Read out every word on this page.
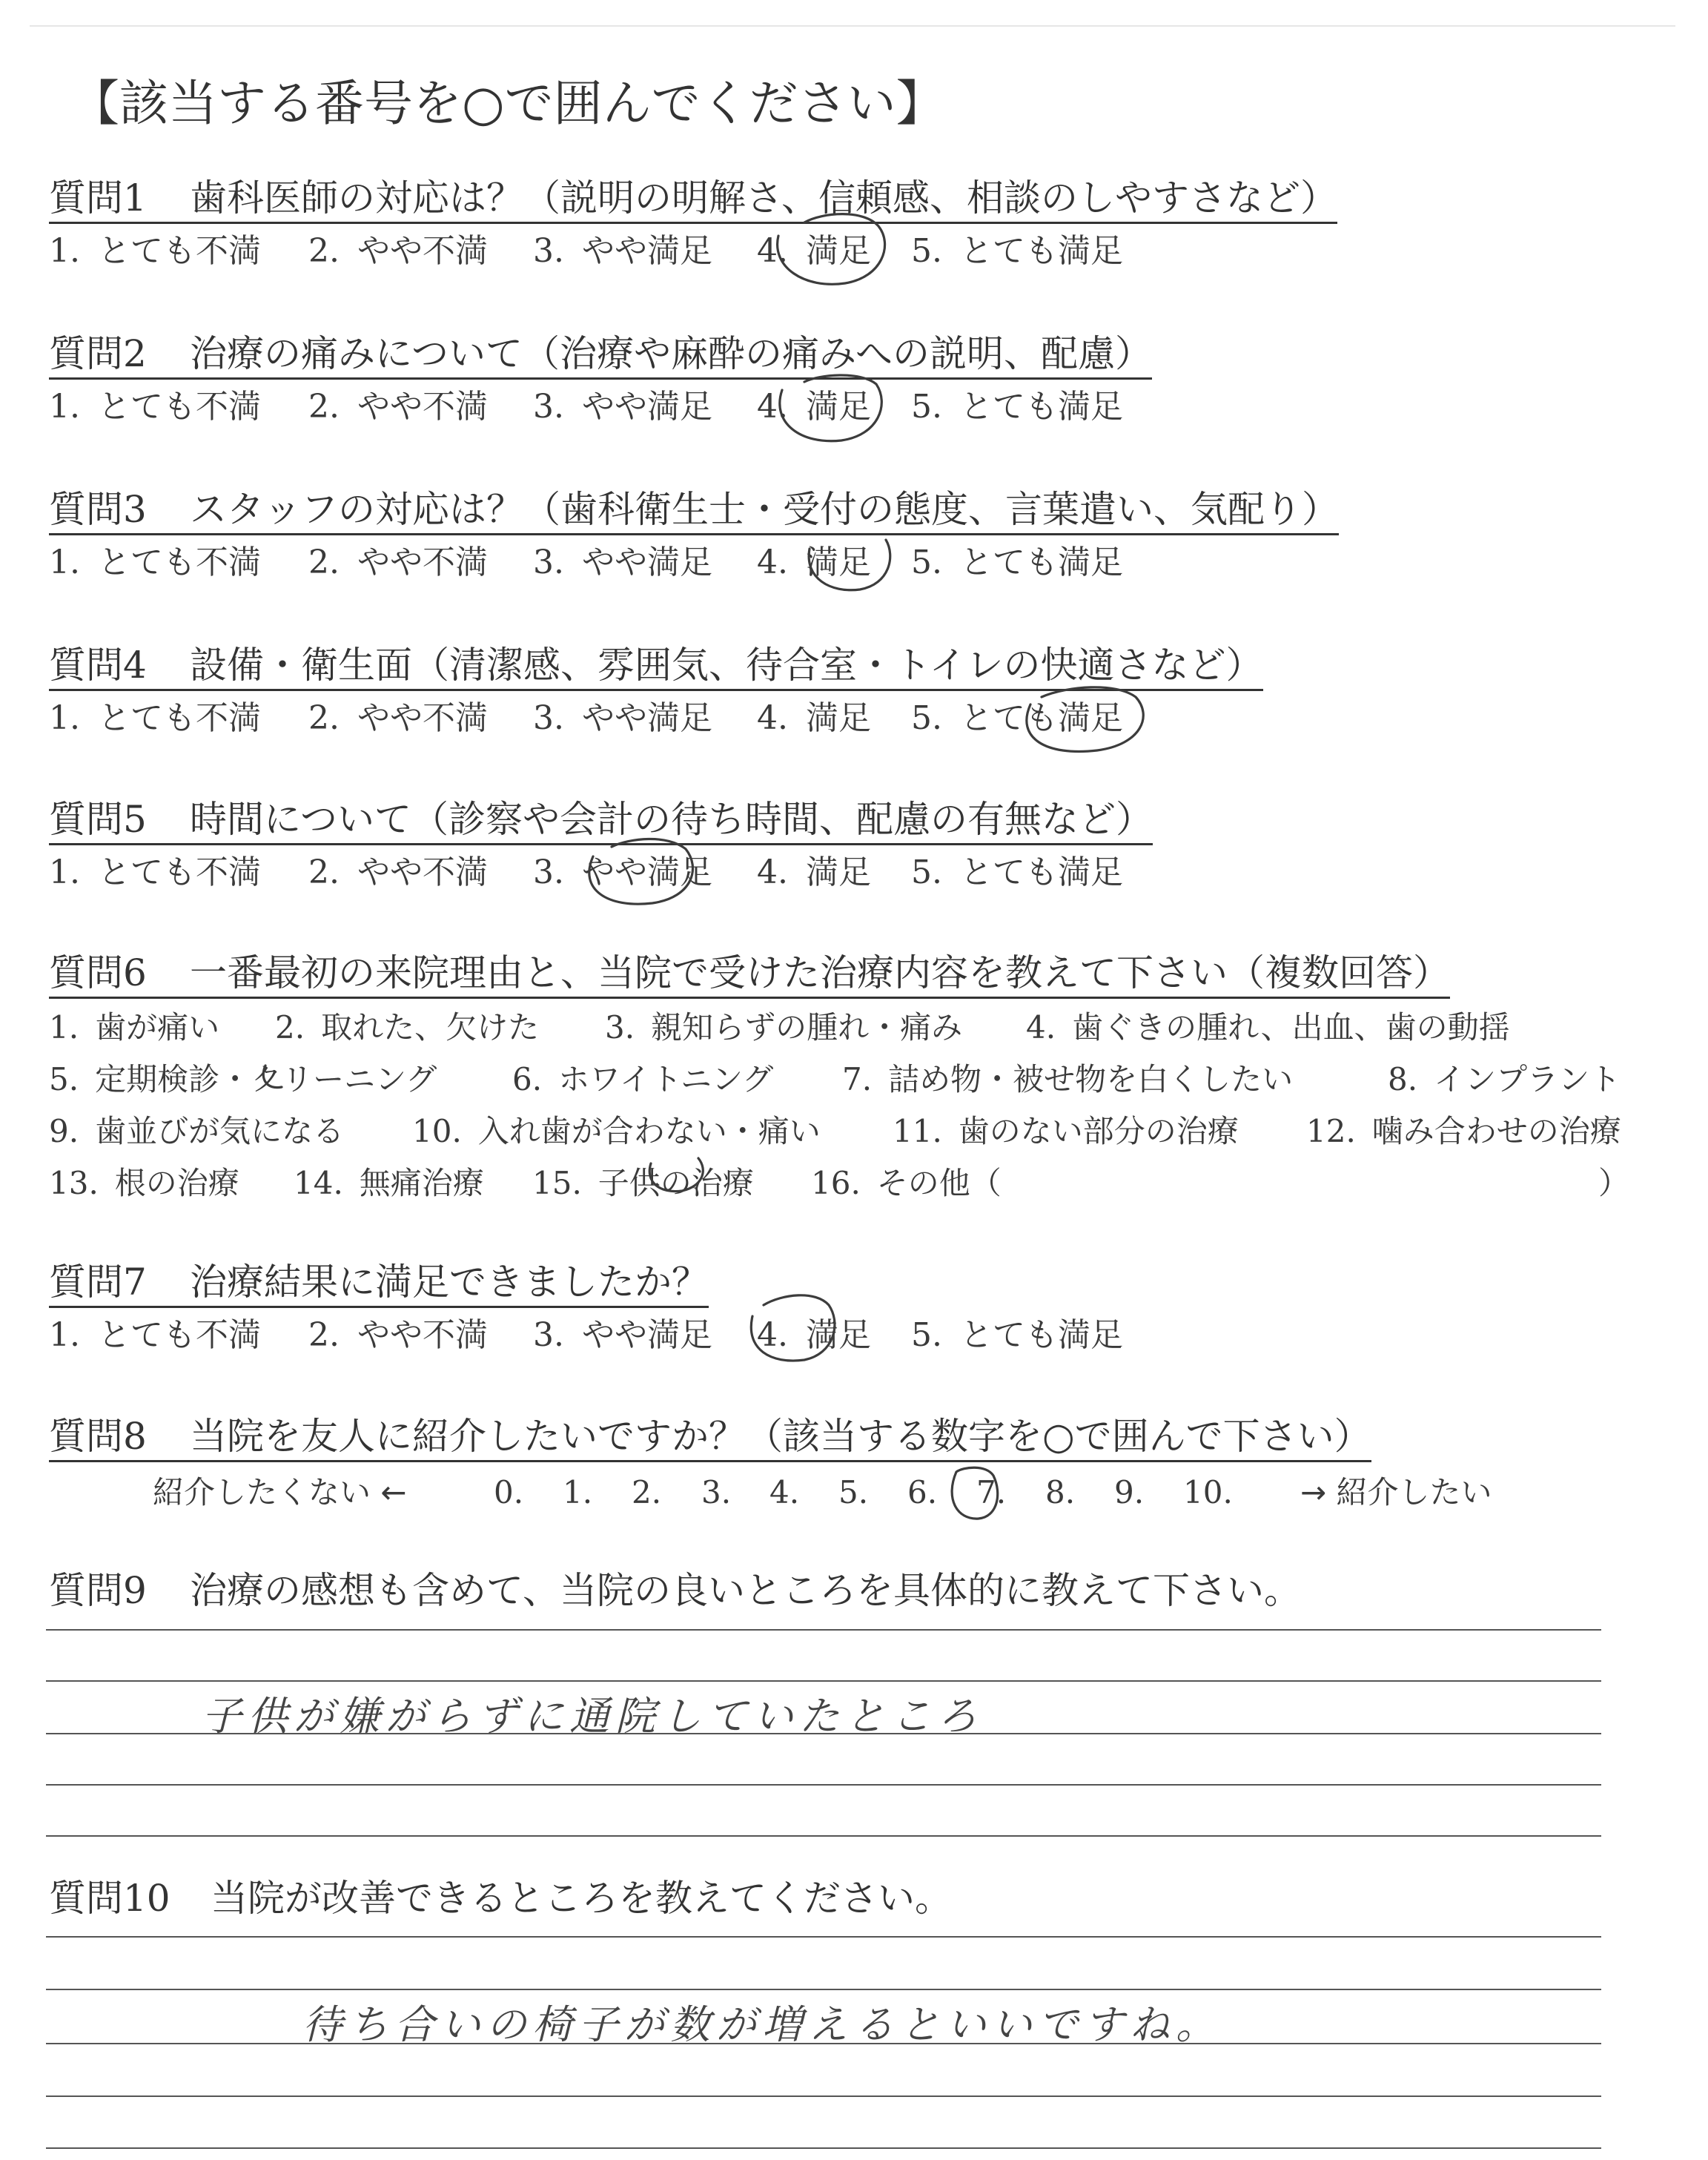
【該当する番号を○で囲んでください】
質問1 歯科医師の対応は？（説明の明解さ、信頼感、相談のしやすさなど）
1. とても不満 2. やや不満 3. やや満足 4. 満足 5. とても満足
質問2 治療の痛みについて（治療や麻酔の痛みへの説明、配慮）
1. とても不満 2. やや不満 3. やや満足 4. 満足 5. とても満足
質問3 スタッフの対応は？（歯科衛生士・受付の態度、言葉遣い、気配り）
1. とても不満 2. やや不満 3. やや満足 4. 満足 5. とても満足
質問4 設備・衛生面（清潔感、雰囲気、待合室・トイレの快適さなど）
1. とても不満 2. やや不満 3. やや満足 4. 満足 5. とても満足
質問5 時間について（診察や会計の待ち時間、配慮の有無など）
1. とても不満 2. やや不満 3. やや満足 4. 満足 5. とても満足
質問6 一番最初の来院理由と、当院で受けた治療内容を教えて下さい（複数回答）
1. 歯が痛い 2. 取れた、欠けた 3. 親知らずの腫れ・痛み 4. 歯ぐきの腫れ、出血、歯の動揺
5. 定期検診・クリーニング 6. ホワイトニング 7. 詰め物・被せ物を白くしたい	8. インプラント
9. 歯並びが気になる 10. 入れ歯が合わない・痛い 11. 歯のない部分の治療 12. 噛み合わせの治療
13. 根の治療 14. 無痛治療 15. 子供の治療 16. その他（	）
質問7 治療結果に満足できましたか？
1. とても不満 2. やや不満 3. やや満足 4. 満足 5. とても満足
質問8 当院を友人に紹介したいですか？（該当する数字を○で囲んで下さい）
紹介したくない ←	0. 1. 2. 3. 4. 5. 6. 7. 8. 9. 10. → 紹介したい
質問9 治療の感想も含めて、当院の良いところを具体的に教えて下さい。
子供が嫌がらずに通院していたところ
質問10 当院が改善できるところを教えてください。
待ち合いの椅子が数が増えるといいですね。
